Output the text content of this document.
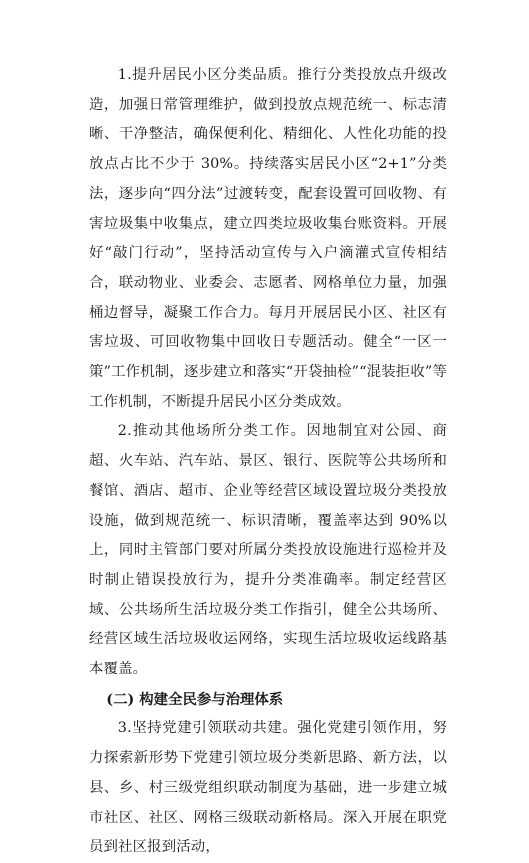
1.提升居民小区分类品质。推行分类投放点升级改造，加强日常管理维护，做到投放点规范统一、标志清晰、干净整洁，确保便利化、精细化、人性化功能的投放点占比不少于 30%。持续落实居民小区“2+1”分类法，逐步向“四分法”过渡转变，配套设置可回收物、有害垃圾集中收集点，建立四类垃圾收集台账资料。开展好“敲门行动”，坚持活动宣传与入户滴灌式宣传相结合，联动物业、业委会、志愿者、网格单位力量，加强桶边督导，凝聚工作合力。每月开展居民小区、社区有害垃圾、可回收物集中回收日专题活动。健全“一区一策”工作机制，逐步建立和落实“开袋抽检”“混装拒收”等工作机制，不断提升居民小区分类成效。

2.推动其他场所分类工作。因地制宜对公园、商超、火车站、汽车站、景区、银行、医院等公共场所和餐馆、酒店、超市、企业等经营区域设置垃圾分类投放设施，做到规范统一、标识清晰，覆盖率达到 90%以上，同时主管部门要对所属分类投放设施进行巡检并及时制止错误投放行为，提升分类准确率。制定经营区域、公共场所生活垃圾分类工作指引，健全公共场所、经营区域生活垃圾收运网络，实现生活垃圾收运线路基本覆盖。

(二) 构建全民参与治理体系

3.坚持党建引领联动共建。强化党建引领作用，努力探索新形势下党建引领垃圾分类新思路、新方法，以县、乡、村三级党组织联动制度为基础，进一步建立城市社区、社区、网格三级联动新格局。深入开展在职党员到社区报到活动，
